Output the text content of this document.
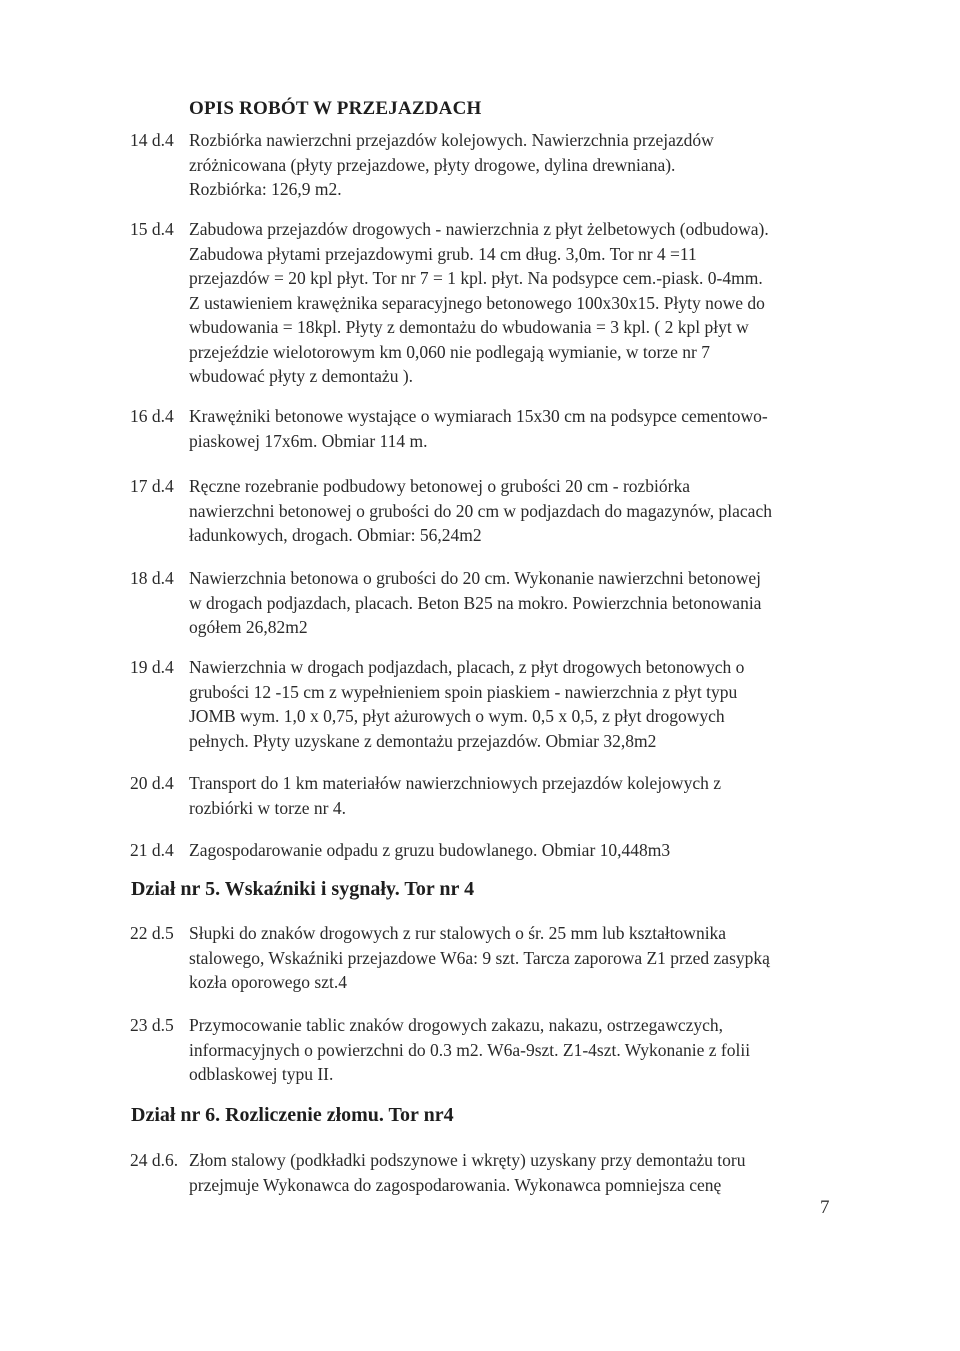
OPIS ROBÓT W PRZEJAZDACH
14 d.4 Rozbiórka nawierzchni przejazdów kolejowych. Nawierzchnia przejazdów
zróżnicowana (płyty przejazdowe, płyty drogowe, dylina drewniana).
Rozbiórka: 126,9 m2.
15 d.4 Zabudowa przejazdów drogowych - nawierzchnia z płyt żelbetowych (odbudowa).
Zabudowa płytami przejazdowymi grub. 14 cm dług. 3,0m. Tor nr 4 =11
przejazdów = 20 kpl płyt. Tor nr 7 = 1 kpl. płyt. Na podsypce cem.-piask. 0-4mm.
Z ustawieniem krawężnika separacyjnego betonowego 100x30x15. Płyty nowe do
wbudowania = 18kpl. Płyty z demontażu do wbudowania = 3 kpl. ( 2 kpl płyt w
przejeździe wielotorowym km 0,060 nie podlegają wymianie, w torze nr 7
wbudować płyty z demontażu ).
16 d.4 Krawężniki betonowe wystające o wymiarach 15x30 cm na podsypce cementowo-
piaskowej 17x6m. Obmiar 114 m.
17 d.4 Ręczne rozebranie podbudowy betonowej o grubości 20 cm - rozbiórka
nawierzchni betonowej o grubości do 20 cm w podjazdach do magazynów, placach
ładunkowych, drogach. Obmiar: 56,24m2
18 d.4 Nawierzchnia betonowa o grubości do 20 cm. Wykonanie nawierzchni betonowej
w drogach podjazdach, placach. Beton B25 na mokro. Powierzchnia betonowania
ogółem 26,82m2
19 d.4 Nawierzchnia w drogach podjazdach, placach, z płyt drogowych betonowych o
grubości 12 -15 cm z wypełnieniem spoin piaskiem - nawierzchnia z płyt typu
JOMB wym. 1,0 x 0,75, płyt ażurowych o wym. 0,5 x 0,5, z płyt drogowych
pełnych. Płyty uzyskane z demontażu przejazdów. Obmiar 32,8m2
20 d.4 Transport do 1 km materiałów nawierzchniowych przejazdów kolejowych z
rozbiórki w torze nr 4.
21 d.4 Zagospodarowanie odpadu z gruzu budowlanego. Obmiar 10,448m3
Dział nr 5. Wskaźniki i sygnały. Tor nr 4
22 d.5 Słupki do znaków drogowych z rur stalowych o śr. 25 mm lub kształtownika
stalowego, Wskaźniki przejazdowe W6a: 9 szt. Tarcza zaporowa Z1 przed zasypką
kozła oporowego szt.4
23 d.5 Przymocowanie tablic znaków drogowych zakazu, nakazu, ostrzegawczych,
informacyjnych o powierzchni do 0.3 m2. W6a-9szt. Z1-4szt. Wykonanie z folii
odblaskowej typu II.
Dział nr 6. Rozliczenie złomu. Tor nr4
24 d.6. Złom stalowy (podkładki podszynowe i wkręty) uzyskany przy demontażu toru
przejmuje Wykonawca do zagospodarowania. Wykonawca pomniejsza cenę
7
